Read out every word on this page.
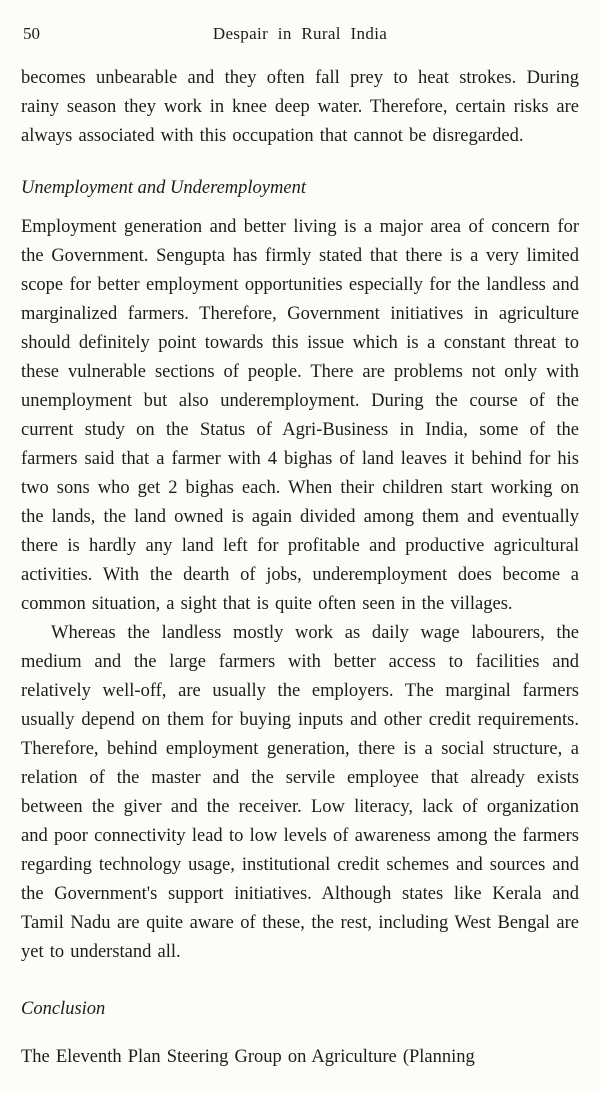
50	Despair in Rural India

becomes unbearable and they often fall prey to heat strokes. During rainy season they work in knee deep water. Therefore, certain risks are always associated with this occupation that cannot be disregarded.

Unemployment and Underemployment

Employment generation and better living is a major area of concern for the Government. Sengupta has firmly stated that there is a very limited scope for better employment opportunities especially for the landless and marginalized farmers. Therefore, Government initiatives in agriculture should definitely point towards this issue which is a constant threat to these vulnerable sections of people. There are problems not only with unemployment but also underemployment. During the course of the current study on the Status of Agri-Business in India, some of the farmers said that a farmer with 4 bighas of land leaves it behind for his two sons who get 2 bighas each. When their children start working on the lands, the land owned is again divided among them and eventually there is hardly any land left for profitable and productive agricultural activities. With the dearth of jobs, underemployment does become a common situation, a sight that is quite often seen in the villages.

Whereas the landless mostly work as daily wage labourers, the medium and the large farmers with better access to facilities and relatively well-off, are usually the employers. The marginal farmers usually depend on them for buying inputs and other credit requirements. Therefore, behind employment generation, there is a social structure, a relation of the master and the servile employee that already exists between the giver and the receiver. Low literacy, lack of organization and poor connectivity lead to low levels of awareness among the farmers regarding technology usage, institutional credit schemes and sources and the Government's support initiatives. Although states like Kerala and Tamil Nadu are quite aware of these, the rest, including West Bengal are yet to understand all.

Conclusion

The Eleventh Plan Steering Group on Agriculture (Planning
